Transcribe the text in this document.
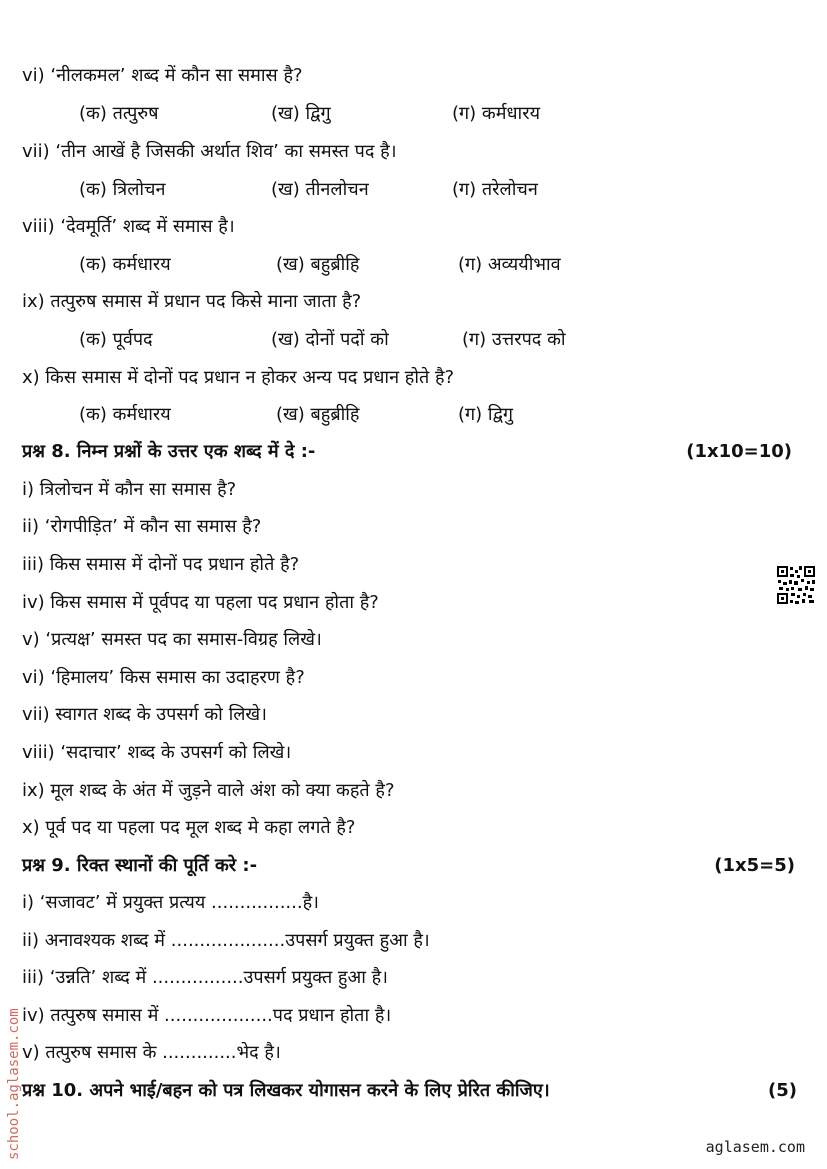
vi) ‘नीलकमल’ शब्द में कौन सा समास है?
(क) तत्पुरुष	(ख) द्विगु	(ग) कर्मधारय
vii) ‘तीन आखें है जिसकी अर्थात शिव’ का समस्त पद है।
(क) त्रिलोचन	(ख) तीनलोचन	(ग) तरेलोचन
viii) ‘देवमूर्ति’ शब्द में समास है।
(क) कर्मधारय	(ख) बहुब्रीहि	(ग) अव्ययीभाव
ix) तत्पुरुष समास में प्रधान पद किसे माना जाता है?
(क) पूर्वपद	(ख) दोनों पदों को	(ग) उत्तरपद को
x) किस समास में दोनों पद प्रधान न होकर अन्य पद प्रधान होते है?
(क) कर्मधारय	(ख) बहुब्रीहि	(ग) द्विगु
प्रश्न 8. निम्न प्रश्नों के उत्तर एक शब्द में दे :-	(1x10=10)
i) त्रिलोचन में कौन सा समास है?
ii) ‘रोगपीड़ित’ में कौन सा समास है?
iii) किस समास में दोनों पद प्रधान होते है?
iv) किस समास में पूर्वपद या पहला पद प्रधान होता है?
v) ‘प्रत्यक्ष’ समस्त पद का समास-विग्रह लिखे।
vi) ‘हिमालय’ किस समास का उदाहरण है?
vii) स्वागत शब्द के उपसर्ग को लिखे।
viii) ‘सदाचार’ शब्द के उपसर्ग को लिखे।
ix) मूल शब्द के अंत में जुड़ने वाले अंश को क्या कहते है?
x) पूर्व पद या पहला पद मूल शब्द मे कहा लगते है?
प्रश्न 9. रिक्त स्थानों की पूर्ति करे :-	(1x5=5)
i) ‘सजावट’ में प्रयुक्त प्रत्यय ................है।
ii) अनावश्यक शब्द में ....................उपसर्ग प्रयुक्त हुआ है।
iii) ‘उन्नति’ शब्द में ................उपसर्ग प्रयुक्त हुआ है।
iv) तत्पुरुष समास में ...................पद प्रधान होता है।
v) तत्पुरुष समास के .............भेद है।
प्रश्न 10. अपने भाई/बहन को पत्र लिखकर योगासन करने के लिए प्रेरित कीजिए।	(5)
school.aglasem.com	aglasem.com
